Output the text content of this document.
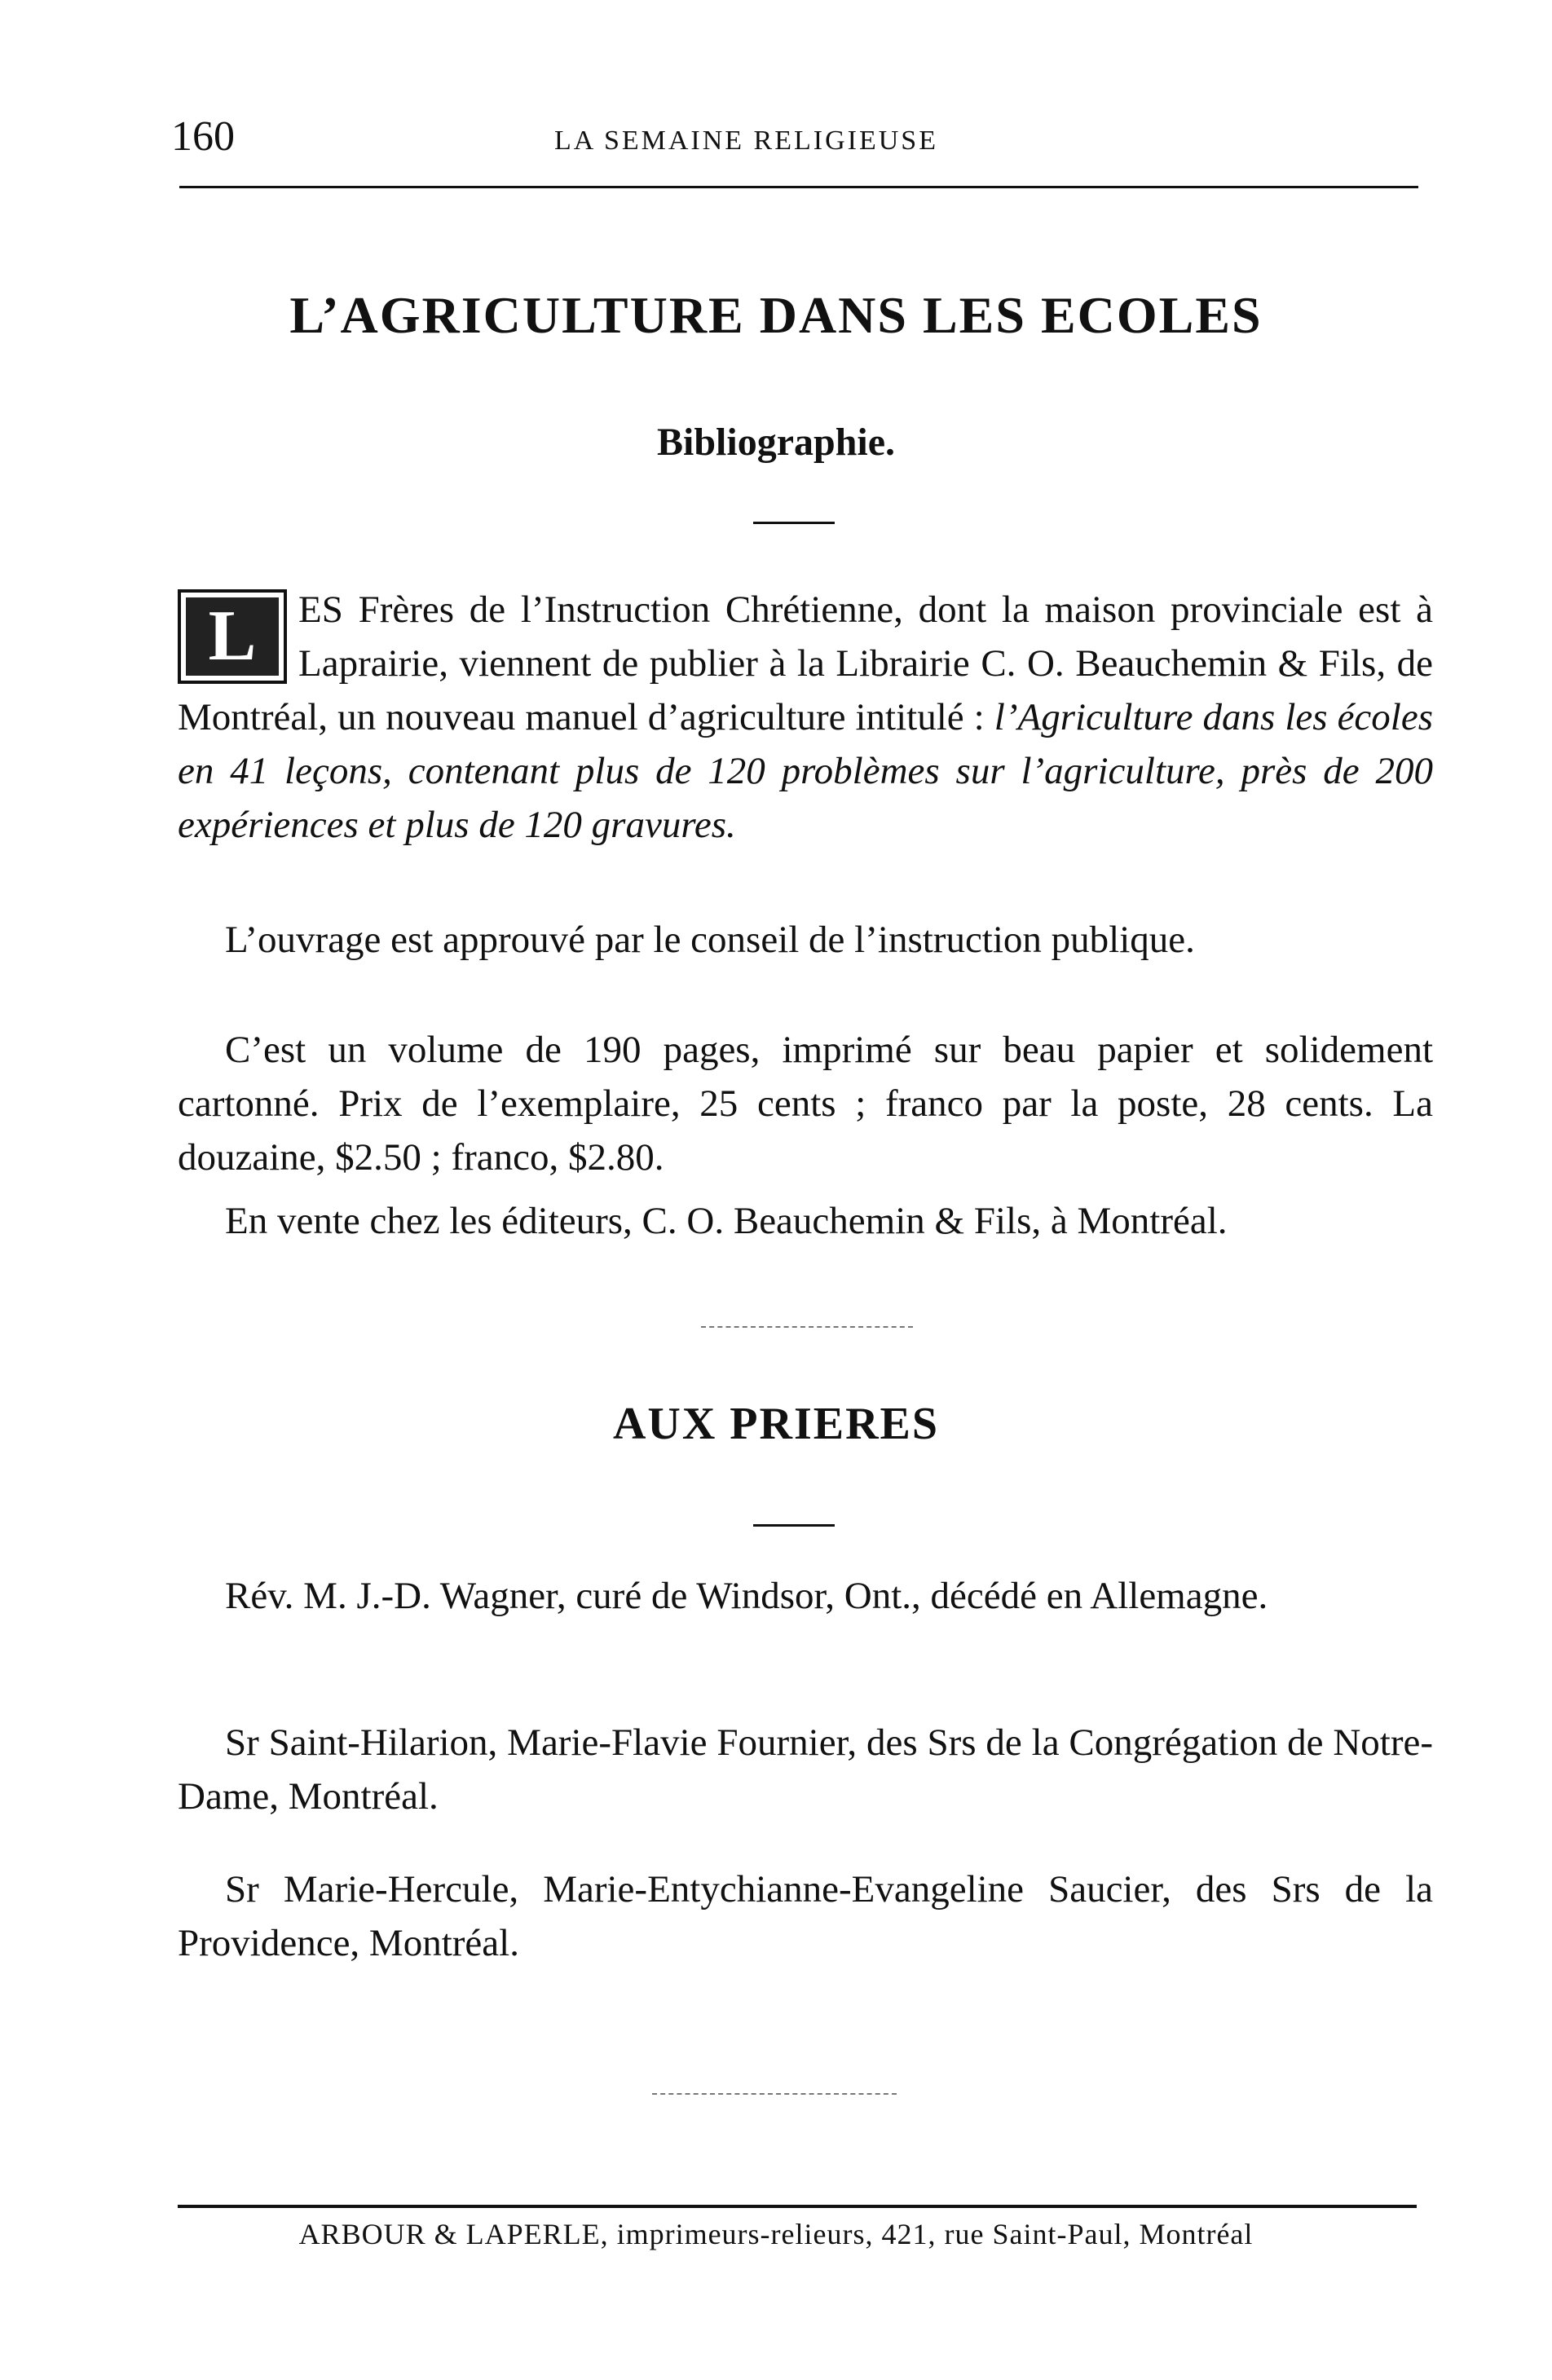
160	LA SEMAINE RELIGIEUSE
L’AGRICULTURE DANS LES ECOLES
Bibliographie.

L ES Frères de l’Instruction Chrétienne, dont la maison provinciale est à Laprairie, viennent de publier à la Librairie C. O. Beauchemin & Fils, de Montréal, un nouveau manuel d’agriculture intitulé : l’Agriculture dans les écoles en 41 leçons, contenant plus de 120 problèmes sur l’agriculture, près de 200 expériences et plus de 120 gravures.

L’ouvrage est approuvé par le conseil de l’instruction publique.

C’est un volume de 190 pages, imprimé sur beau papier et solidement cartonné. Prix de l’exemplaire, 25 cents ; franco par la poste, 28 cents. La douzaine, $2.50 ; franco, $2.80.

En vente chez les éditeurs, C. O. Beauchemin & Fils, à Montréal.

AUX PRIERES

Rév. M. J.-D. Wagner, curé de Windsor, Ont., décédé en Allemagne.

Sr Saint-Hilarion, Marie-Flavie Fournier, des Srs de la Congrégation de Notre-Dame, Montréal.

Sr Marie-Hercule, Marie-Entychianne-Evangeline Saucier, des Srs de la Providence, Montréal.

ARBOUR & LAPERLE, imprimeurs-relieurs, 421, rue Saint-Paul, Montréal
